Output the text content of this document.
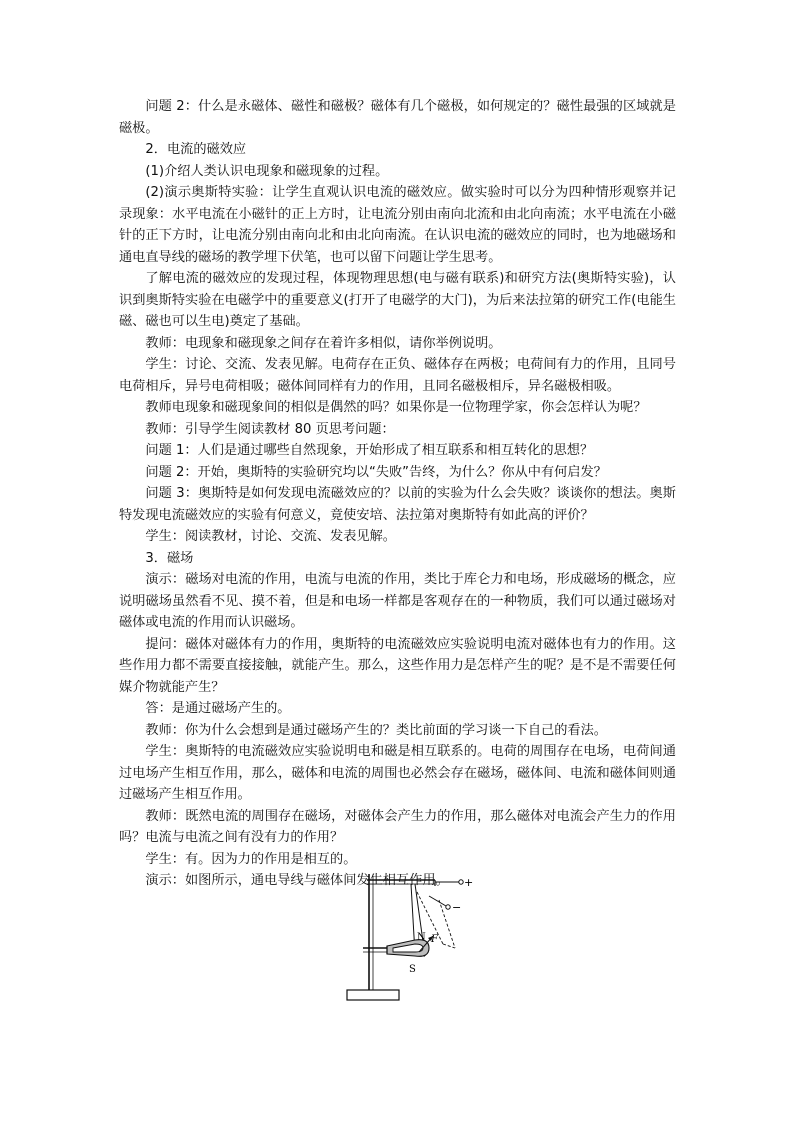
问题 2：什么是永磁体、磁性和磁极？磁体有几个磁极，如何规定的？磁性最强的区域就是磁极。

2．电流的磁效应

(1)介绍人类认识电现象和磁现象的过程。

(2)演示奥斯特实验：让学生直观认识电流的磁效应。做实验时可以分为四种情形观察并记录现象：水平电流在小磁针的正上方时，让电流分别由南向北流和由北向南流；水平电流在小磁针的正下方时，让电流分别由南向北和由北向南流。在认识电流的磁效应的同时，也为地磁场和通电直导线的磁场的教学埋下伏笔，也可以留下问题让学生思考。

了解电流的磁效应的发现过程，体现物理思想(电与磁有联系)和研究方法(奥斯特实验)，认识到奥斯特实验在电磁学中的重要意义(打开了电磁学的大门)，为后来法拉第的研究工作(电能生磁、磁也可以生电)奠定了基础。

教师：电现象和磁现象之间存在着许多相似，请你举例说明。

学生：讨论、交流、发表见解。电荷存在正负、磁体存在两极；电荷间有力的作用，且同号电荷相斥，异号电荷相吸；磁体间同样有力的作用，且同名磁极相斥，异名磁极相吸。

教师电现象和磁现象间的相似是偶然的吗？如果你是一位物理学家，你会怎样认为呢？

教师：引导学生阅读教材 80 页思考问题：

问题 1：人们是通过哪些自然现象，开始形成了相互联系和相互转化的思想？

问题 2：开始，奥斯特的实验研究均以“失败”告终，为什么？你从中有何启发？

问题 3：奥斯特是如何发现电流磁效应的？以前的实验为什么会失败？谈谈你的想法。奥斯特发现电流磁效应的实验有何意义，竟使安培、法拉第对奥斯特有如此高的评价？

学生：阅读教材，讨论、交流、发表见解。

3．磁场

演示：磁场对电流的作用，电流与电流的作用，类比于库仑力和电场，形成磁场的概念，应说明磁场虽然看不见、摸不着，但是和电场一样都是客观存在的一种物质，我们可以通过磁场对磁体或电流的作用而认识磁场。

提问：磁体对磁体有力的作用，奥斯特的电流磁效应实验说明电流对磁体也有力的作用。这些作用力都不需要直接接触，就能产生。那么，这些作用力是怎样产生的呢？是不是不需要任何媒介物就能产生？

答：是通过磁场产生的。

教师：你为什么会想到是通过磁场产生的？类比前面的学习谈一下自己的看法。

学生：奥斯特的电流磁效应实验说明电和磁是相互联系的。电荷的周围存在电场，电荷间通过电场产生相互作用，那么，磁体和电流的周围也必然会存在磁场，磁体间、电流和磁体间则通过磁场产生相互作用。

教师：既然电流的周围存在磁场，对磁体会产生力的作用，那么磁体对电流会产生力的作用吗？电流与电流之间有没有力的作用？

学生：有。因为力的作用是相互的。

演示：如图所示，通电导线与磁体间发生相互作用。	+
−
N
S
F
